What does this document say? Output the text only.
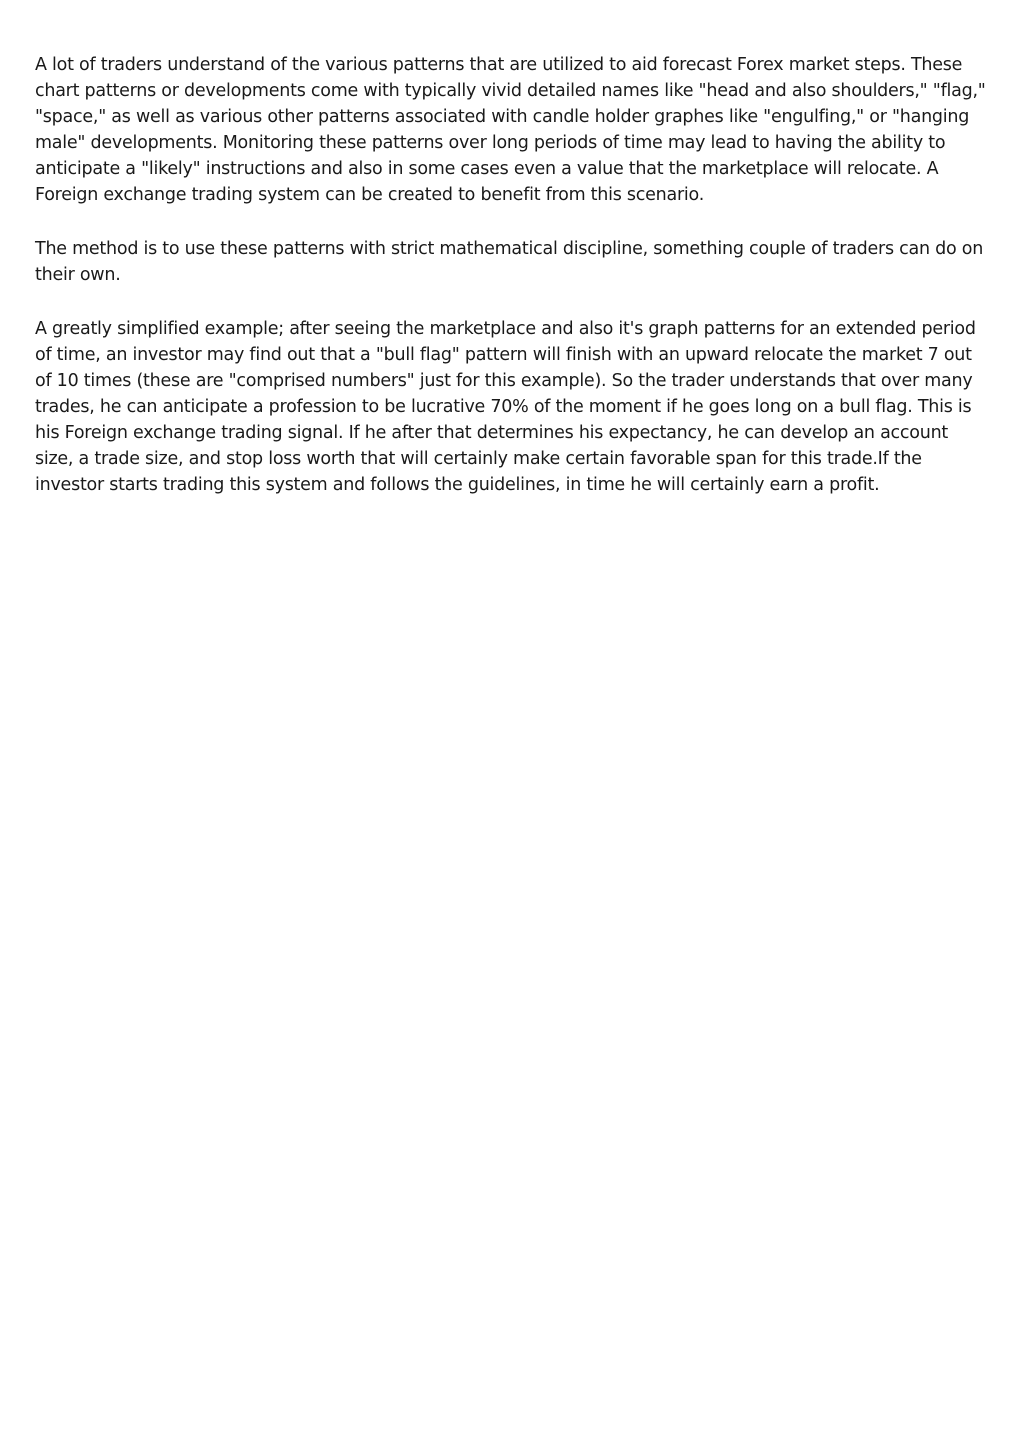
A lot of traders understand of the various patterns that are utilized to aid forecast Forex market steps. These chart patterns or developments come with typically vivid detailed names like "head and also shoulders," "flag," "space," as well as various other patterns associated with candle holder graphes like "engulfing," or "hanging male" developments. Monitoring these patterns over long periods of time may lead to having the ability to anticipate a "likely" instructions and also in some cases even a value that the marketplace will relocate. A Foreign exchange trading system can be created to benefit from this scenario.

The method is to use these patterns with strict mathematical discipline, something couple of traders can do on their own.

A greatly simplified example; after seeing the marketplace and also it's graph patterns for an extended period of time, an investor may find out that a "bull flag" pattern will finish with an upward relocate the market 7 out of 10 times (these are "comprised numbers" just for this example). So the trader understands that over many trades, he can anticipate a profession to be lucrative 70% of the moment if he goes long on a bull flag. This is his Foreign exchange trading signal. If he after that determines his expectancy, he can develop an account size, a trade size, and stop loss worth that will certainly make certain favorable span for this trade.If the investor starts trading this system and follows the guidelines, in time he will certainly earn a profit.
